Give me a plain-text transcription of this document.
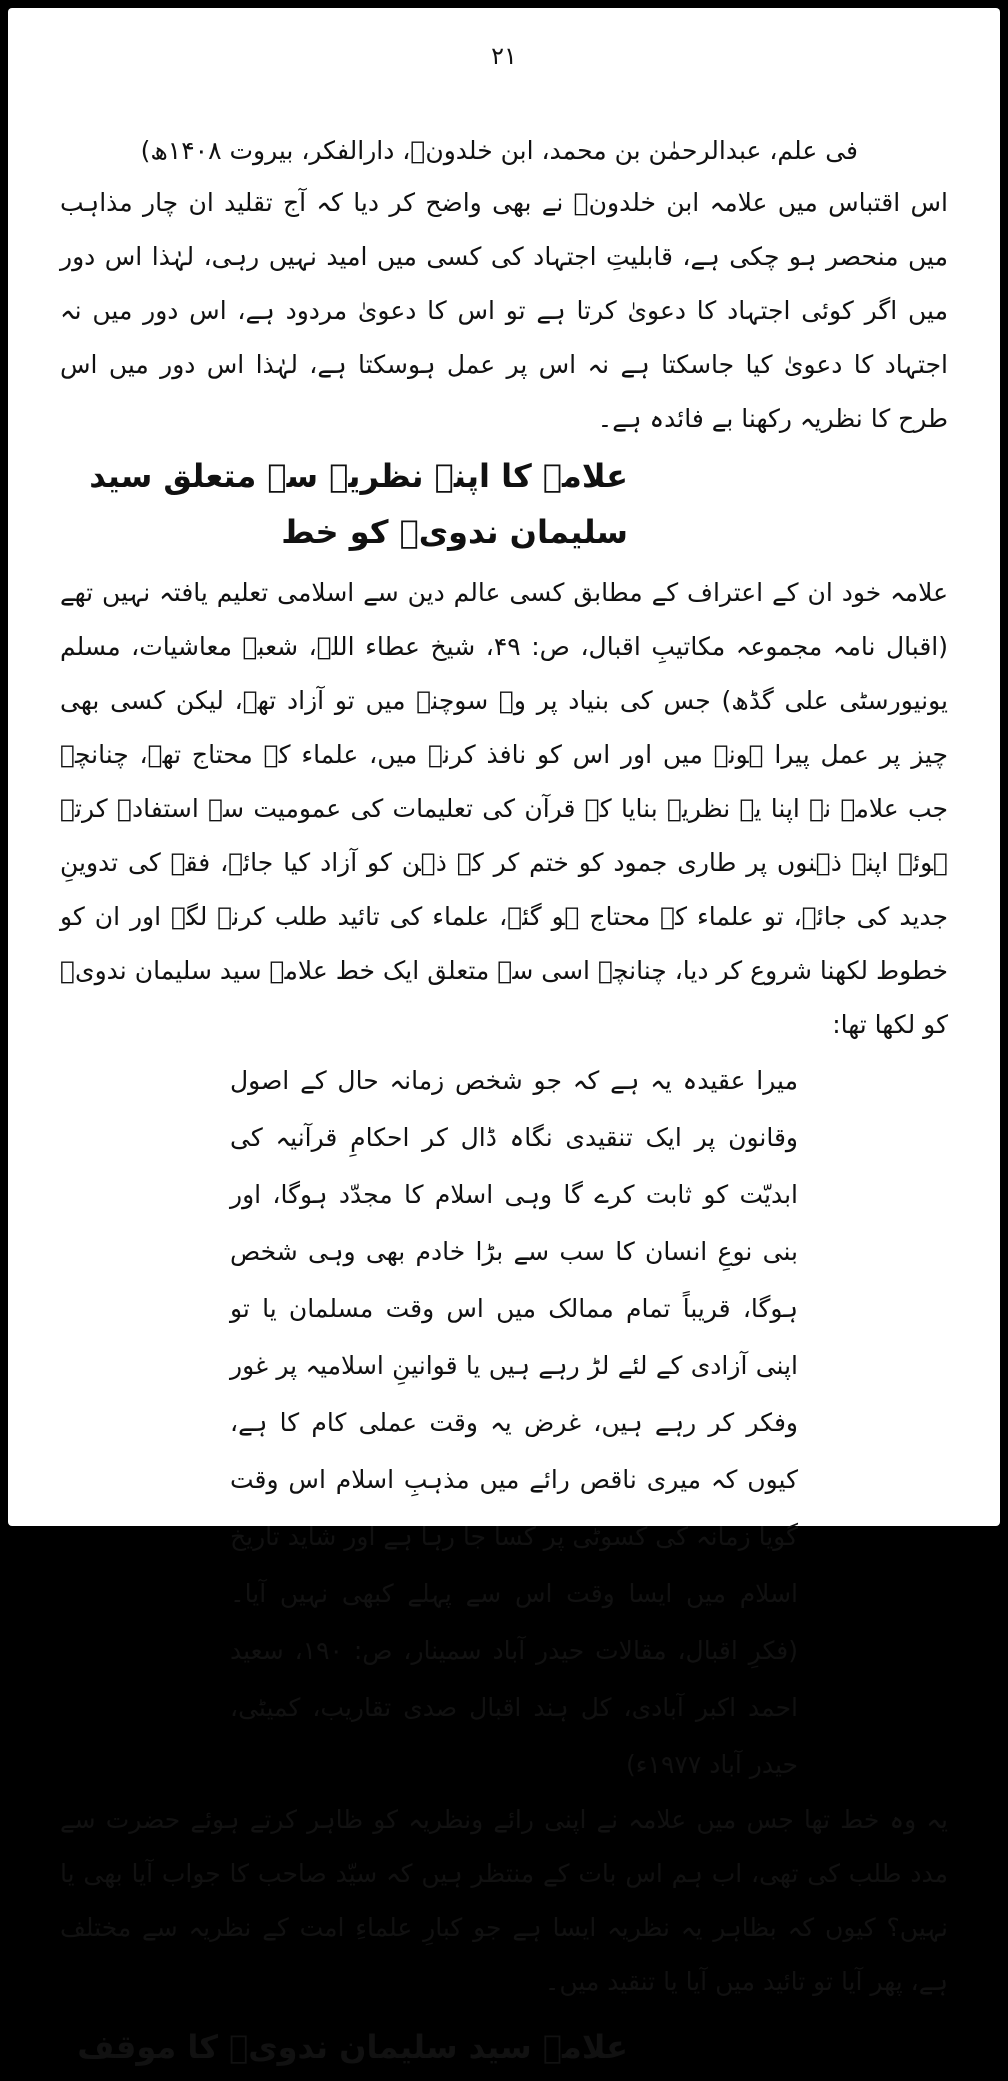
۲۱

فی علم، عبدالرحمٰن بن محمد، ابن خلدونؒ، دارالفکر، بیروت ۱۴۰۸ھ)

اس اقتباس میں علامہ ابن خلدونؒ نے بھی واضح کر دیا کہ آج تقلید ان چار مذاہب میں منحصر ہو چکی ہے، قابلیتِ اجتہاد کی کسی میں امید نہیں رہی، لہٰذا اس دور میں اگر کوئی اجتہاد کا دعویٰ کرتا ہے تو اس کا دعویٰ مردود ہے، اس دور میں نہ اجتہاد کا دعویٰ کیا جاسکتا ہے نہ اس پر عمل ہوسکتا ہے، لہٰذا اس دور میں اس طرح کا نظریہ رکھنا بے فائدہ ہے۔

علامہ کا اپنے نظریہ سے متعلق سید سلیمان ندویؒ کو خط

علامہ خود ان کے اعتراف کے مطابق کسی عالم دین سے اسلامی تعلیم یافتہ نہیں تھے (اقبال نامہ مجموعہ مکاتیبِ اقبال، ص: ۴۹، شیخ عطاء اللہ، شعبہ معاشیات، مسلم یونیورسٹی علی گڈھ) جس کی بنیاد پر وہ سوچنے میں تو آزاد تھے، لیکن کسی بھی چیز پر عمل پیرا ہونے میں اور اس کو نافذ کرنے میں، علماء کے محتاج تھے، چنانچہ جب علامہ نے اپنا یہ نظریہ بنایا کہ قرآن کی تعلیمات کی عمومیت سے استفادہ کرتے ہوئے اپنے ذہنوں پر طاری جمود کو ختم کر کے ذہن کو آزاد کیا جائے، فقہ کی تدوینِ جدید کی جائے، تو علماء کے محتاج ہو گئے، علماء کی تائید طلب کرنے لگے اور ان کو خطوط لکھنا شروع کر دیا، چنانچہ اسی سے متعلق ایک خط علامہ سید سلیمان ندویؒ کو لکھا تھا:

میرا عقیدہ یہ ہے کہ جو شخص زمانہ حال کے اصول وقانون پر ایک تنقیدی نگاہ ڈال کر احکامِ قرآنیہ کی ابدیّت کو ثابت کرے گا وہی اسلام کا مجدّد ہوگا، اور بنی نوعِ انسان کا سب سے بڑا خادم بھی وہی شخص ہوگا، قریباً تمام ممالک میں اس وقت مسلمان یا تو اپنی آزادی کے لئے لڑ رہے ہیں یا قوانینِ اسلامیہ پر غور وفکر کر رہے ہیں، غرض یہ وقت عملی کام کا ہے، کیوں کہ میری ناقص رائے میں مذہبِ اسلام اس وقت گویا زمانہ کی کسوٹی پر کسا جا رہا ہے اور شاید تاریخ اسلام میں ایسا وقت اس سے پہلے کبھی نہیں آیا۔ (فکرِ اقبال، مقالات حیدر آباد سمینار، ص: ۱۹۰، سعید احمد اکبر آبادی، کل ہند اقبال صدی تقاریب، کمیٹی، حیدر آباد ۱۹۷۷ء)

یہ وہ خط تھا جس میں علامہ نے اپنی رائے ونظریہ کو ظاہر کرتے ہوئے حضرت سے مدد طلب کی تھی، اب ہم اس بات کے منتظر ہیں کہ سیّد صاحب کا جواب آیا بھی یا نہیں؟ کیوں کہ بظاہر یہ نظریہ ایسا ہے جو کبارِ علماءِ امت کے نظریہ سے مختلف ہے، پھر آیا تو تائید میں آیا یا تنقید میں۔

علامہ سید سلیمان ندویؒ کا موقف
